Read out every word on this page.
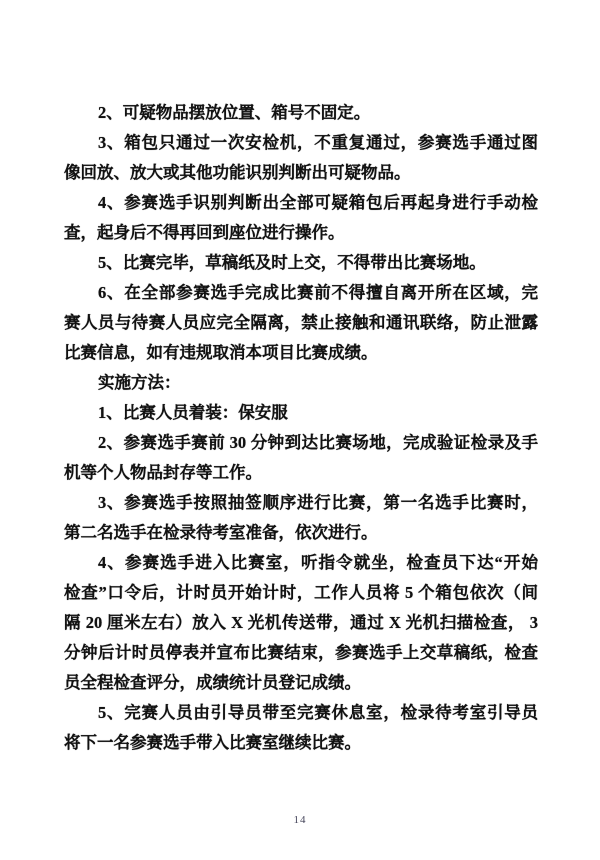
2、可疑物品摆放位置、箱号不固定。
3、箱包只通过一次安检机，不重复通过，参赛选手通过图
像回放、放大或其他功能识别判断出可疑物品。
4、参赛选手识别判断出全部可疑箱包后再起身进行手动检
查，起身后不得再回到座位进行操作。
5、比赛完毕，草稿纸及时上交，不得带出比赛场地。
6、在全部参赛选手完成比赛前不得擅自离开所在区域，完
赛人员与待赛人员应完全隔离，禁止接触和通讯联络，防止泄露
比赛信息，如有违规取消本项目比赛成绩。
实施方法：
1、比赛人员着装：保安服
2、参赛选手赛前 30 分钟到达比赛场地，完成验证检录及手
机等个人物品封存等工作。
3、参赛选手按照抽签顺序进行比赛，第一名选手比赛时，
第二名选手在检录待考室准备，依次进行。
4、参赛选手进入比赛室，听指令就坐，检查员下达“开始
检查”口令后，计时员开始计时，工作人员将 5 个箱包依次（间
隔 20 厘米左右）放入 X 光机传送带，通过 X 光机扫描检查， 3
分钟后计时员停表并宣布比赛结束，参赛选手上交草稿纸，检查
员全程检查评分，成绩统计员登记成绩。
5、完赛人员由引导员带至完赛休息室，检录待考室引导员
将下一名参赛选手带入比赛室继续比赛。
14
